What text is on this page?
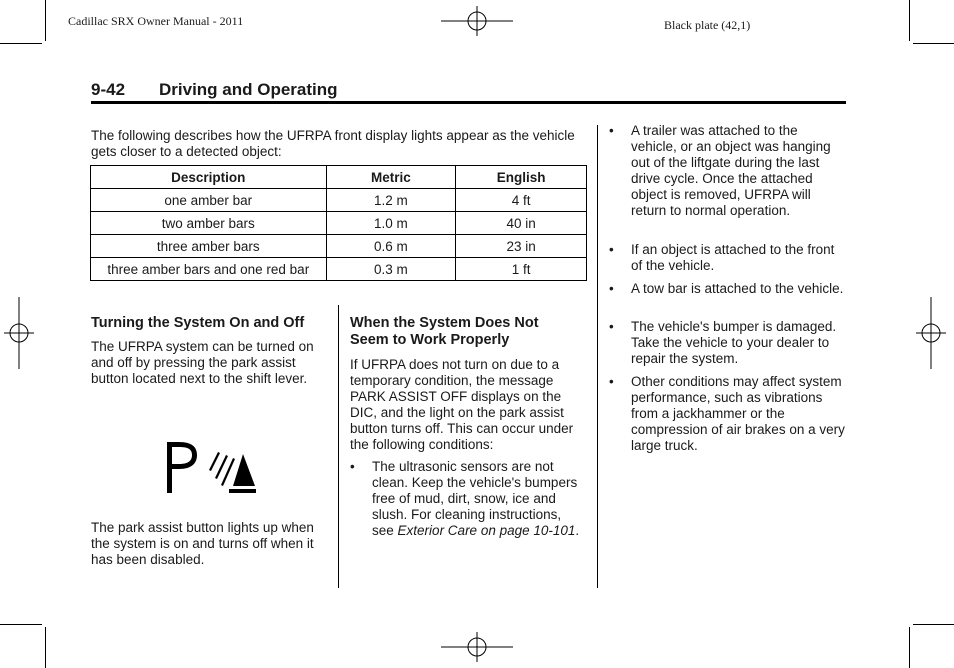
Cadillac SRX Owner Manual - 2011	Black plate (42,1)
9-42 Driving and Operating
The following describes how the UFRPA front display lights appear as the vehicle gets closer to a detected object:
Description	Metric	English
one amber bar	1.2 m	4 ft
two amber bars	1.0 m	40 in
three amber bars	0.6 m	23 in
three amber bars and one red bar	0.3 m	1 ft
Turning the System On and Off
The UFRPA system can be turned on and off by pressing the park assist button located next to the shift lever.
The park assist button lights up when the system is on and turns off when it has been disabled.
When the System Does Not
Seem to Work Properly
If UFRPA does not turn on due to a temporary condition, the message PARK ASSIST OFF displays on the DIC, and the light on the park assist button turns off. This can occur under the following conditions:
• The ultrasonic sensors are not clean. Keep the vehicle's bumpers free of mud, dirt, snow, ice and slush. For cleaning instructions, see Exterior Care on page 10-101.
• A trailer was attached to the vehicle, or an object was hanging out of the liftgate during the last drive cycle. Once the attached object is removed, UFRPA will return to normal operation.
• If an object is attached to the front of the vehicle.
• A tow bar is attached to the vehicle.
• The vehicle's bumper is damaged. Take the vehicle to your dealer to repair the system.
• Other conditions may affect system performance, such as vibrations from a jackhammer or the compression of air brakes on a very large truck.
